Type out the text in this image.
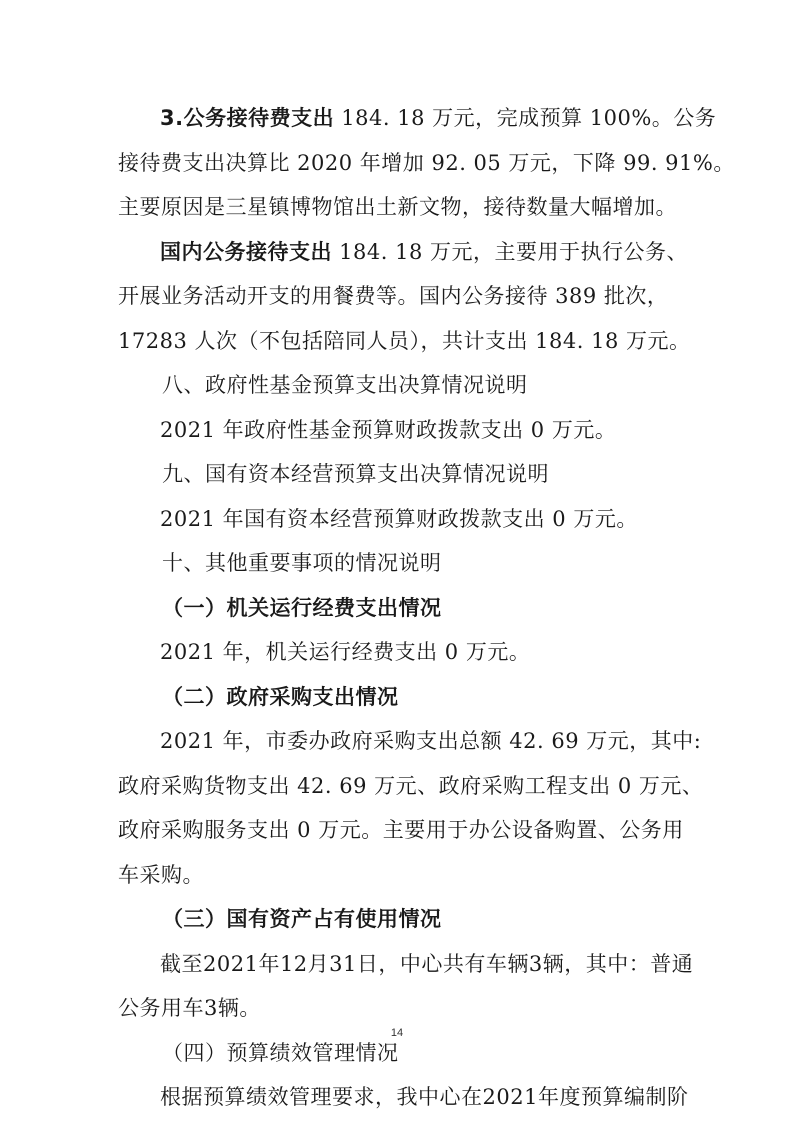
3.公务接待费支出 184. 18 万元，完成预算 100%。公务
接待费支出决算比 2020 年增加 92. 05 万元，下降 99. 91%。
主要原因是三星镇博物馆出土新文物，接待数量大幅增加。
国内公务接待支出 184. 18 万元，主要用于执行公务、
开展业务活动开支的用餐费等。国内公务接待 389 批次，
17283 人次（不包括陪同人员），共计支出 184. 18 万元。
八、政府性基金预算支出决算情况说明
2021 年政府性基金预算财政拨款支出 0 万元。
九、国有资本经营预算支出决算情况说明
2021 年国有资本经营预算财政拨款支出 0 万元。
十、其他重要事项的情况说明
（一）机关运行经费支出情况
2021 年，机关运行经费支出 0 万元。
（二）政府采购支出情况
2021 年，市委办政府采购支出总额 42. 69 万元，其中:
政府采购货物支出 42. 69 万元、政府采购工程支出 0 万元、
政府采购服务支出 0 万元。主要用于办公设备购置、公务用
车采购。
（三）国有资产占有使用情况
截至2021年12月31日，中心共有车辆3辆，其中：普通
公务用车3辆。
（四）预算绩效管理情况
根据预算绩效管理要求，我中心在2021年度预算编制阶
14
